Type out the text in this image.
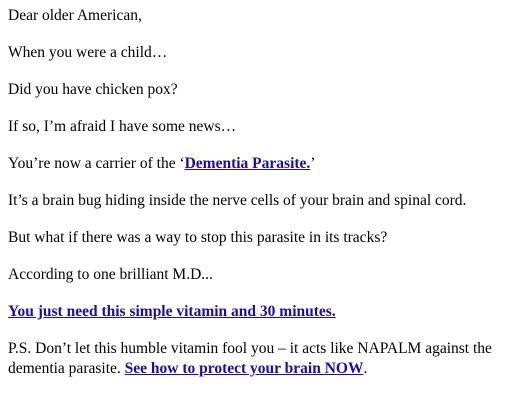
Dear older American,

When you were a child…

Did you have chicken pox?

If so, I’m afraid I have some news…

You’re now a carrier of the ‘Dementia Parasite.’

It’s a brain bug hiding inside the nerve cells of your brain and spinal cord.

But what if there was a way to stop this parasite in its tracks?

According to one brilliant M.D...

You just need this simple vitamin and 30 minutes.

P.S. Don’t let this humble vitamin fool you – it acts like NAPALM against the dementia parasite. See how to protect your brain NOW.
